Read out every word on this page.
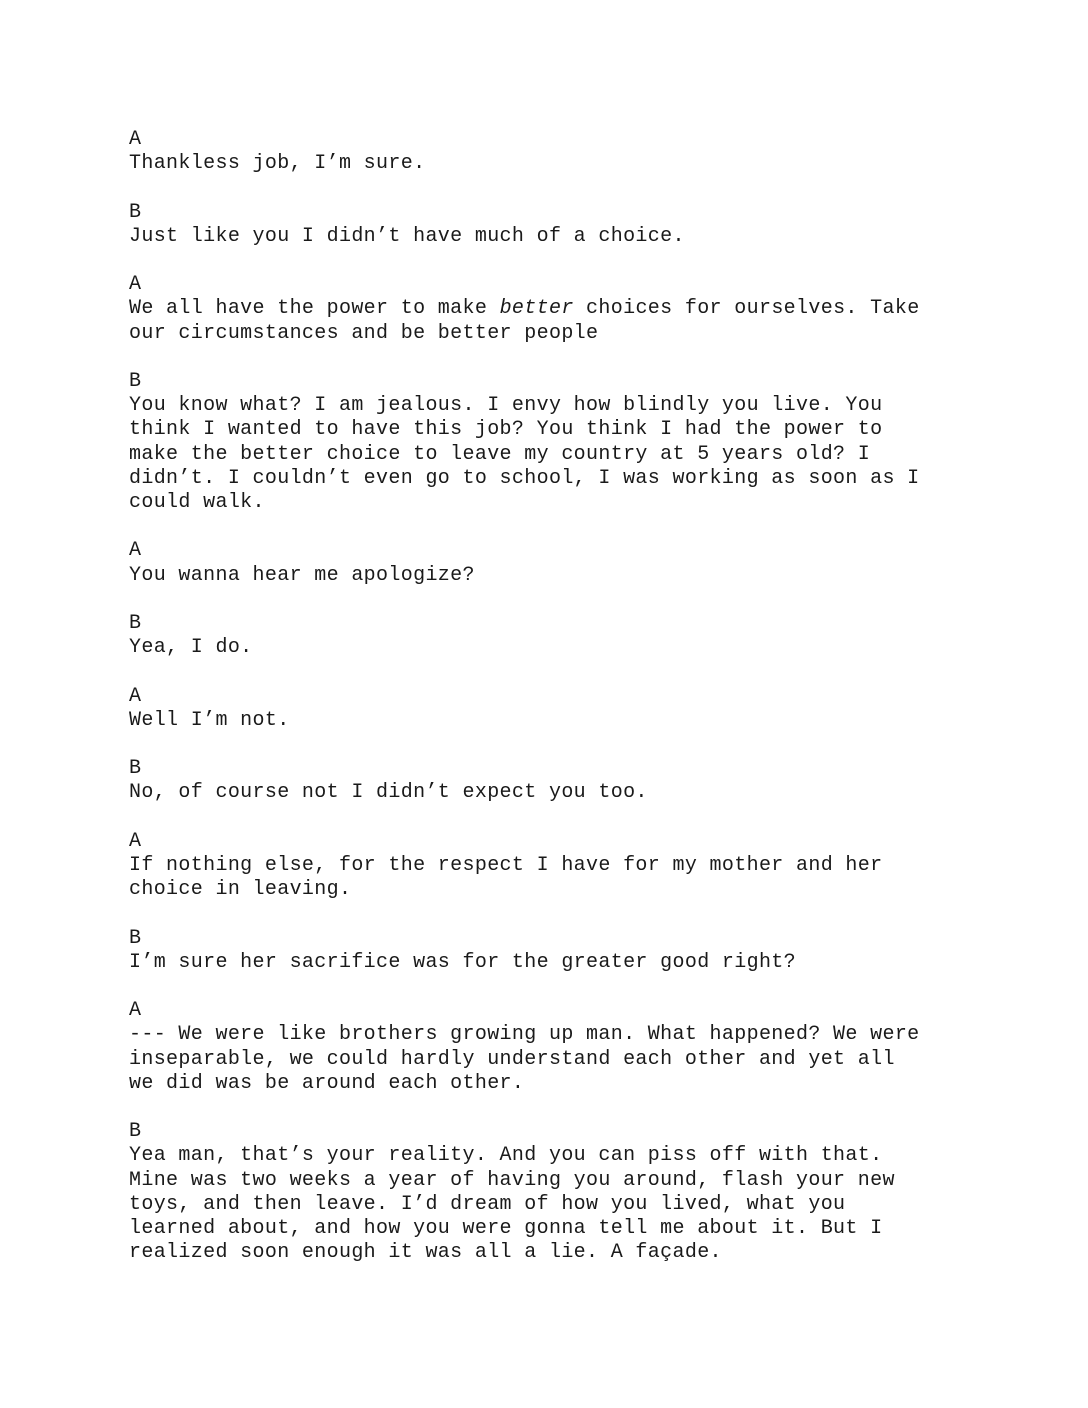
A
Thankless job, I’m sure.
B
Just like you I didn’t have much of a choice.
A
We all have the power to make better choices for ourselves. Take
our circumstances and be better people
B
You know what? I am jealous. I envy how blindly you live. You
think I wanted to have this job? You think I had the power to
make the better choice to leave my country at 5 years old? I
didn’t. I couldn’t even go to school, I was working as soon as I
could walk.
A
You wanna hear me apologize?
B
Yea, I do.
A
Well I’m not.
B
No, of course not I didn’t expect you too.
A
If nothing else, for the respect I have for my mother and her
choice in leaving.
B
I’m sure her sacrifice was for the greater good right?
A
--- We were like brothers growing up man. What happened? We were
inseparable, we could hardly understand each other and yet all
we did was be around each other.
B
Yea man, that’s your reality. And you can piss off with that.
Mine was two weeks a year of having you around, flash your new
toys, and then leave. I’d dream of how you lived, what you
learned about, and how you were gonna tell me about it. But I
realized soon enough it was all a lie. A façade.
